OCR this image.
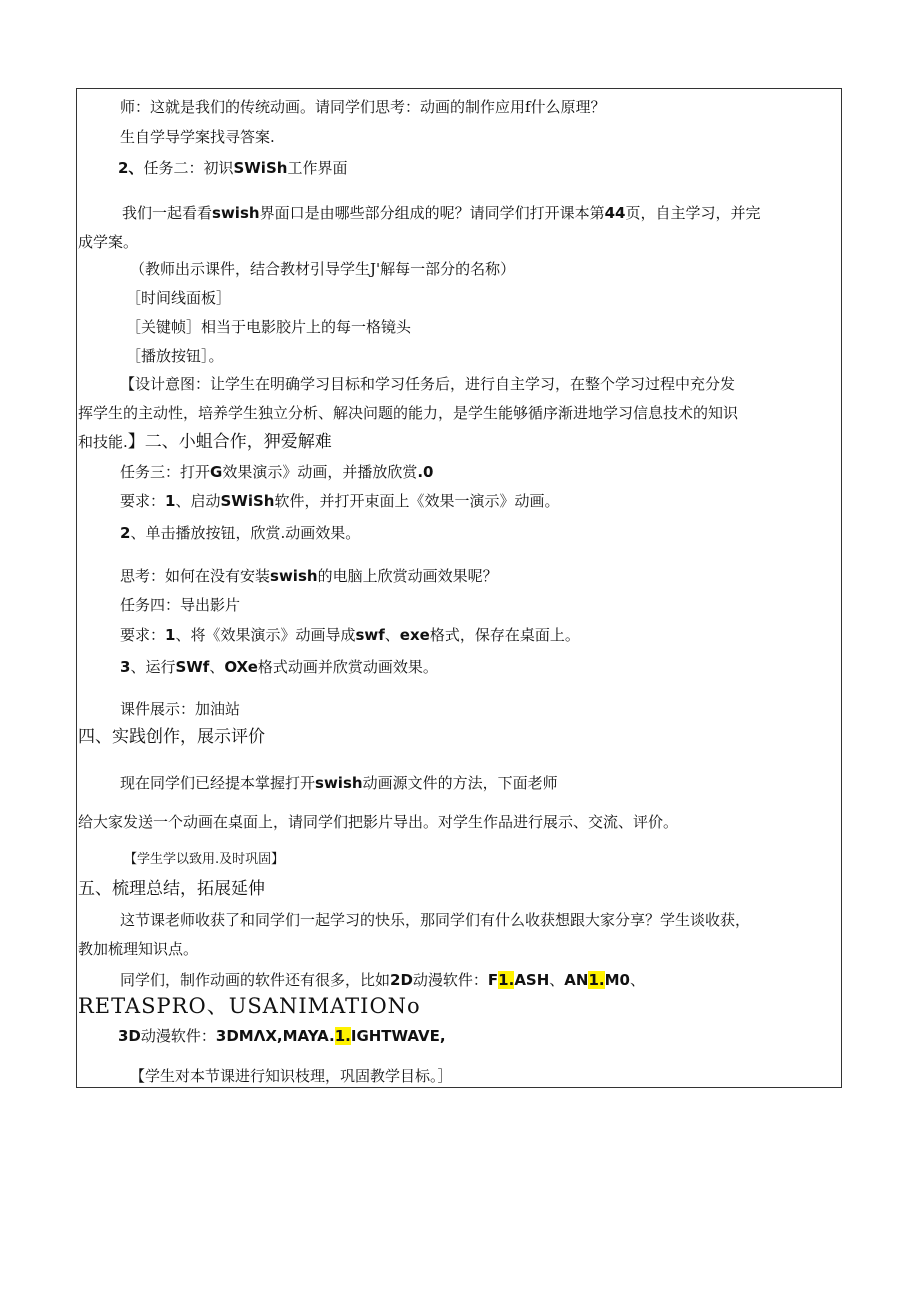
师：这就是我们的传统动画。请同学们思考：动画的制作应用f什么原理？
生自学导学案找寻答案.
2、任务二：初识SWiSh工作界面
我们一起看看swish界面口是由哪些部分组成的呢？请同学们打开课本第44页，自主学习，并完
成学案。
（教师出示课件，结合教材引导学生J'解每一部分的名称）
［时间线面板］
［关键帧］相当于电影胶片上的每一格镜头
［播放按钮］。
【设计意图：让学生在明确学习目标和学习任务后，进行自主学习，在整个学习过程中充分发
挥学生的主动性，培养学生独立分析、解决问题的能力，是学生能够循序渐进地学习信息技术的知识
和技能.】二、小蛆合作，狎爱解难
任务三：打开G效果演示》动画，并播放欣赏.0
要求：1、启动SWiSh软件，并打开束面上《效果一演示》动画。
2、单击播放按钮，欣赏.动画效果。
思考：如何在没有安装swish的电脑上欣赏动画效果呢？
任务四：导出影片
要求：1、将《效果演示》动画导成swf、exe格式，保存在桌面上。
3、运行SWf、OXe格式动画并欣赏动画效果。
课件展示：加油站
四、实践创作，展示评价
现在同学们已经提本掌握打开swish动画源文件的方法，下面老师
给大家发送一个动画在桌面上，请同学们把影片导出。对学生作品进行展示、交流、评价。
【学生学以致用.及时巩固】
五、梳理总结，拓展延伸
这节课老师收获了和同学们一起学习的快乐，那同学们有什么收获想跟大家分享？学生谈收获，
教加梳理知识点。
同学们，制作动画的软件还有很多，比如2D动漫软件：F1.ASH、AN1.M0、
RETASPRO、USANIMATIONo
3D动漫软件：3DMΛX,MAYA.1.IGHTWAVE,
【学生对本节课进行知识枝理，巩固教学目标。］
